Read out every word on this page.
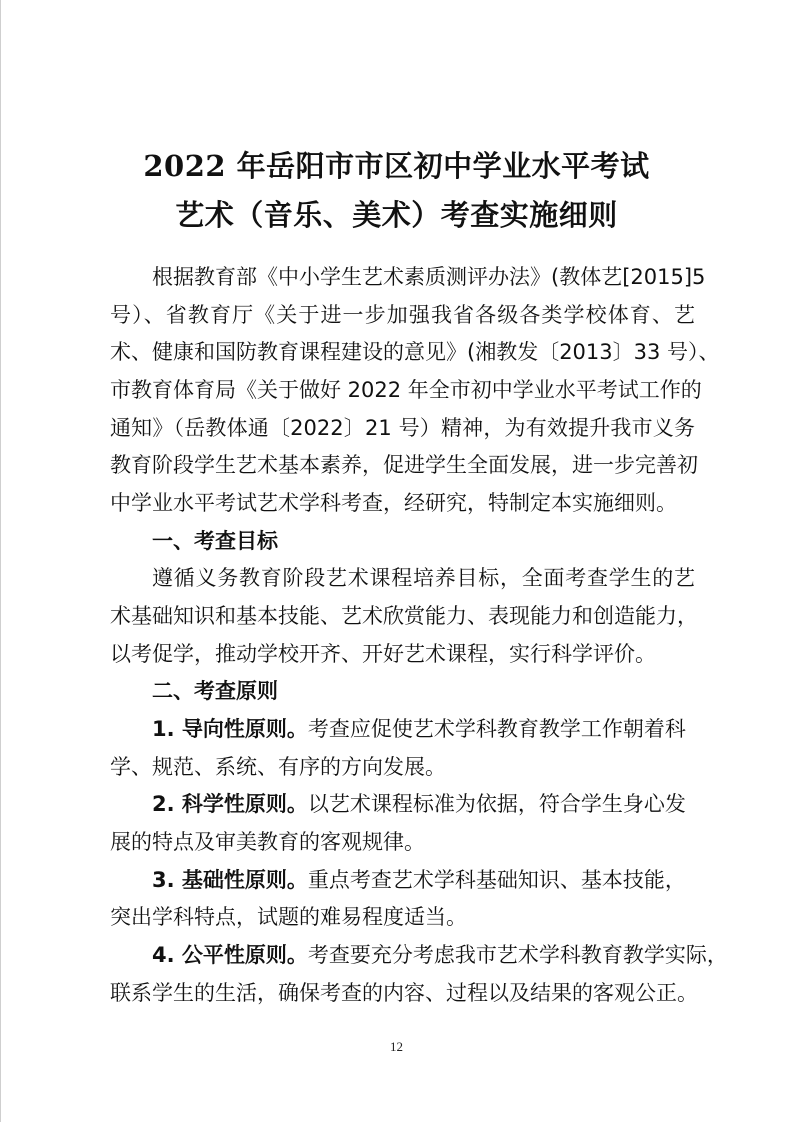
2022 年岳阳市市区初中学业水平考试
艺术（音乐、美术）考查实施细则
根据教育部《中小学生艺术素质测评办法》(教体艺[2015]5
号）、省教育厅《关于进一步加强我省各级各类学校体育、艺
术、健康和国防教育课程建设的意见》(湘教发〔2013〕33 号）、
市教育体育局《关于做好 2022 年全市初中学业水平考试工作的
通知》（岳教体通〔2022〕21 号）精神，为有效提升我市义务
教育阶段学生艺术基本素养，促进学生全面发展，进一步完善初
中学业水平考试艺术学科考查，经研究，特制定本实施细则。
一、考查目标
遵循义务教育阶段艺术课程培养目标，全面考查学生的艺
术基础知识和基本技能、艺术欣赏能力、表现能力和创造能力，
以考促学，推动学校开齐、开好艺术课程，实行科学评价。
二、考查原则
1. 导向性原则。考查应促使艺术学科教育教学工作朝着科
学、规范、系统、有序的方向发展。
2. 科学性原则。以艺术课程标准为依据，符合学生身心发
展的特点及审美教育的客观规律。
3. 基础性原则。重点考查艺术学科基础知识、基本技能，
突出学科特点，试题的难易程度适当。
4. 公平性原则。考查要充分考虑我市艺术学科教育教学实际，
联系学生的生活，确保考查的内容、过程以及结果的客观公正。
12
